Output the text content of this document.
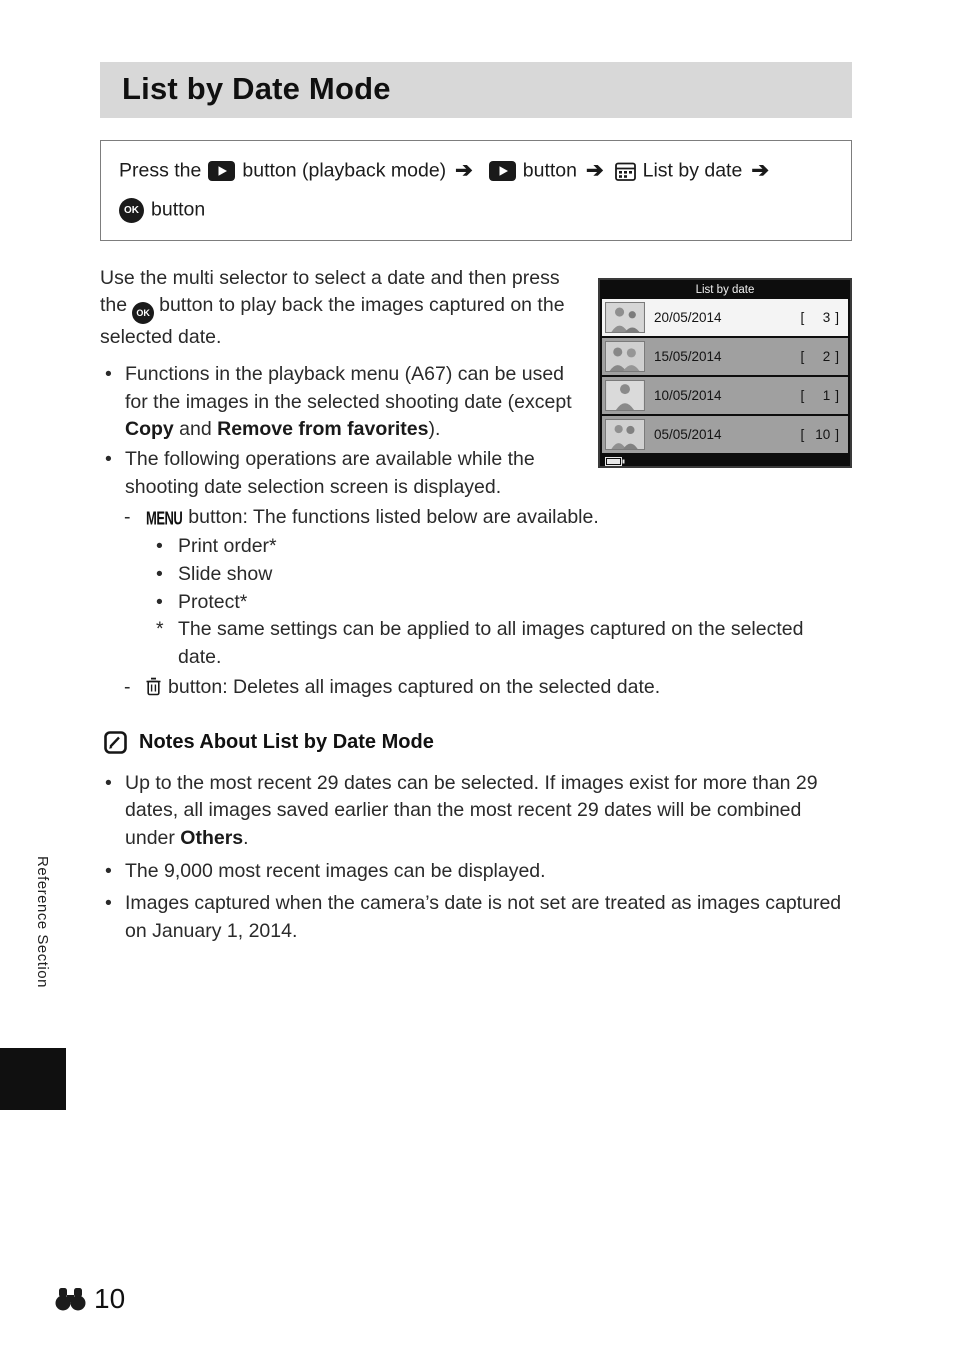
List by Date Mode
Press the button (playback mode) ➔	button ➔ List by date ➔
OK button
List by date
20/05/2014	[	3 ]
15/05/2014	[	2 ]
10/05/2014	[	1 ]
05/05/2014	[ 10 ]

Use the multi selector to select a date and then press the OK button to play back the images captured on the selected date.

• Functions in the playback menu (A67) can be used for the images in the selected shooting date (except Copy and Remove from favorites).
• The following operations are available while the shooting date selection screen is displayed.
- MENU button: The functions listed below are available.
• Print order*
• Slide show
• Protect*
* The same settings can be applied to all images captured on the selected date.
- button: Deletes all images captured on the selected date.
Notes About List by Date Mode
• Up to the most recent 29 dates can be selected. If images exist for more than 29 dates, all images saved earlier than the most recent 29 dates will be combined under Others.
• The 9,000 most recent images can be displayed.
• Images captured when the camera’s date is not set are treated as images captured on January 1, 2014.
Reference Section
10
